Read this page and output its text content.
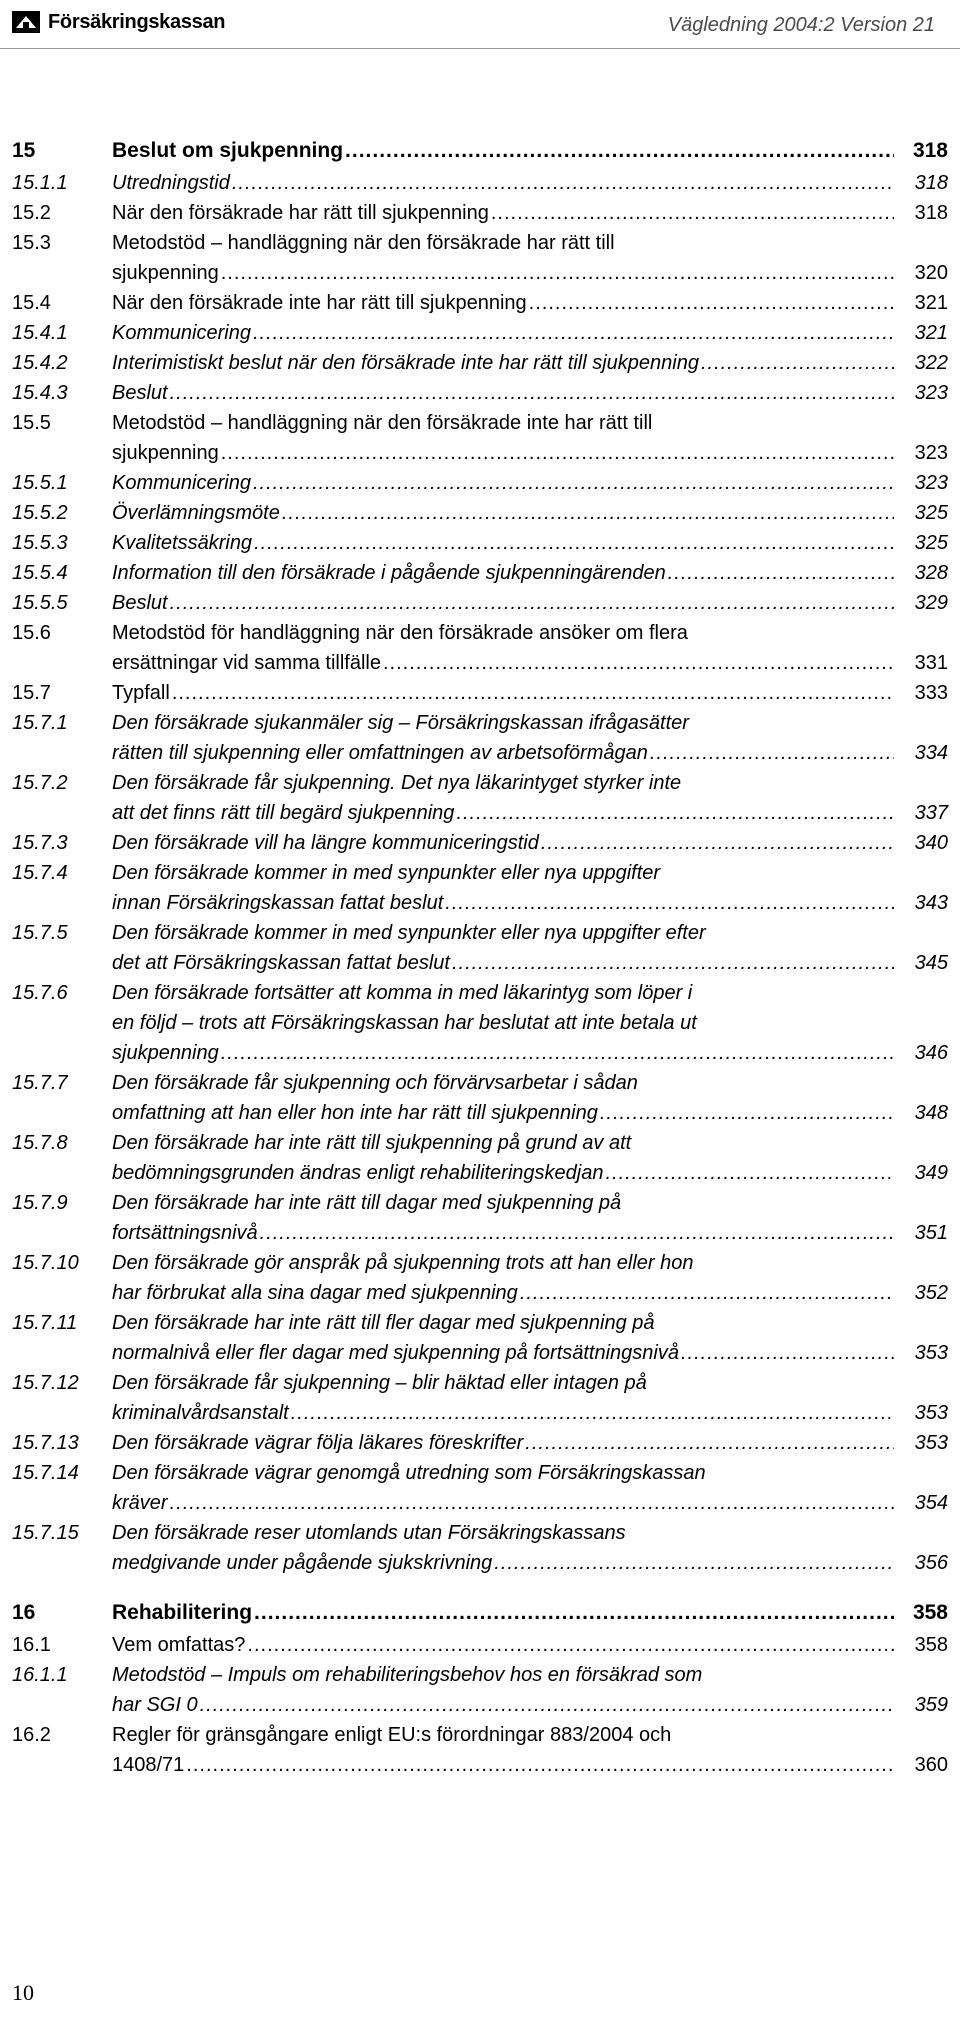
Försäkringskassan	Vägledning 2004:2 Version 21
15	Beslut om sjukpenning .....	318
15.1.1	Utredningstid .....	318
15.2	När den försäkrade har rätt till sjukpenning .....	318
15.3	Metodstöd – handläggning när den försäkrade har rätt till
sjukpenning .....	320
15.4	När den försäkrade inte har rätt till sjukpenning .....	321
15.4.1	Kommunicering .....	321
15.4.2	Interimistiskt beslut när den försäkrade inte har rätt till sjukpenning .....	322
15.4.3	Beslut .....	323
15.5	Metodstöd – handläggning när den försäkrade inte har rätt till
sjukpenning .....	323
15.5.1	Kommunicering .....	323
15.5.2	Överlämningsmöte .....	325
15.5.3	Kvalitetssäkring .....	325
15.5.4	Information till den försäkrade i pågående sjukpenningärenden .....	328
15.5.5	Beslut .....	329
15.6	Metodstöd för handläggning när den försäkrade ansöker om flera
ersättningar vid samma tillfälle .....	331
15.7	Typfall .....	333
15.7.1	Den försäkrade sjukanmäler sig – Försäkringskassan ifrågasätter
rätten till sjukpenning eller omfattningen av arbetsoförmågan .....	334
15.7.2	Den försäkrade får sjukpenning. Det nya läkarintyget styrker inte
att det finns rätt till begärd sjukpenning .....	337
15.7.3	Den försäkrade vill ha längre kommuniceringstid .....	340
15.7.4	Den försäkrade kommer in med synpunkter eller nya uppgifter
innan Försäkringskassan fattat beslut .....	343
15.7.5	Den försäkrade kommer in med synpunkter eller nya uppgifter efter
det att Försäkringskassan fattat beslut .....	345
15.7.6	Den försäkrade fortsätter att komma in med läkarintyg som löper i
en följd – trots att Försäkringskassan har beslutat att inte betala ut
sjukpenning .....	346
15.7.7	Den försäkrade får sjukpenning och förvärvsarbetar i sådan
omfattning att han eller hon inte har rätt till sjukpenning .....	348
15.7.8	Den försäkrade har inte rätt till sjukpenning på grund av att
bedömningsgrunden ändras enligt rehabiliteringskedjan .....	349
15.7.9	Den försäkrade har inte rätt till dagar med sjukpenning på
fortsättningsnivå .....	351
15.7.10	Den försäkrade gör anspråk på sjukpenning trots att han eller hon
har förbrukat alla sina dagar med sjukpenning .....	352
15.7.11	Den försäkrade har inte rätt till fler dagar med sjukpenning på
normalnivå eller fler dagar med sjukpenning på fortsättningsnivå .....	353
15.7.12	Den försäkrade får sjukpenning – blir häktad eller intagen på
kriminalvårdsanstalt .....	353
15.7.13	Den försäkrade vägrar följa läkares föreskrifter .....	353
15.7.14	Den försäkrade vägrar genomgå utredning som Försäkringskassan
kräver .....	354
15.7.15	Den försäkrade reser utomlands utan Försäkringskassans
medgivande under pågående sjukskrivning .....	356
16	Rehabilitering .....	358
16.1	Vem omfattas? .....	358
16.1.1	Metodstöd – Impuls om rehabiliteringsbehov hos en försäkrad som
har SGI 0 .....	359
16.2	Regler för gränsgångare enligt EU:s förordningar 883/2004 och
1408/71 .....	360
10
